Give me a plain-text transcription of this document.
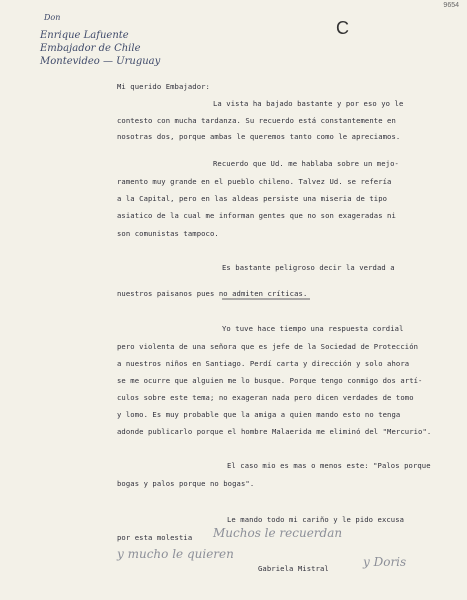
9654
C
Don
Enrique Lafuente
Embajador de Chile
Montevideo — Uruguay
Mi querido Embajador:
La vista ha bajado bastante y por eso yo le
contesto con mucha tardanza. Su recuerdo está constantemente en
nosotras dos, porque ambas le queremos tanto como le apreciamos.
Recuerdo que Ud. me hablaba sobre un mejo-
ramento muy grande en el pueblo chileno. Talvez Ud. se refería
a la Capital, pero en las aldeas persiste una miseria de tipo
asiatico de la cual me informan gentes que no son exageradas ni
son comunistas tampoco.
Es bastante peligroso decir la verdad a
nuestros paisanos pues no admiten críticas.
Yo tuve hace tiempo una respuesta cordial
pero violenta de una señora que es jefe de la Sociedad de Protección
a nuestros niños en Santiago. Perdí carta y dirección y solo ahora
se me ocurre que alguien me lo busque. Porque tengo conmigo dos artí-
culos sobre este tema; no exageran nada pero dicen verdades de tomo
y lomo. Es muy probable que la amiga a quien mando esto no tenga
adonde publicarlo porque el hombre Malaerida me eliminó del "Mercurio".
El caso mio es mas o menos este: "Palos porque
bogas y palos porque no bogas".
Le mando todo mi cariño y le pido excusa
por esta molestia
Gabriela Mistral
Muchos le recuerdan
y mucho le quieren
y Doris
